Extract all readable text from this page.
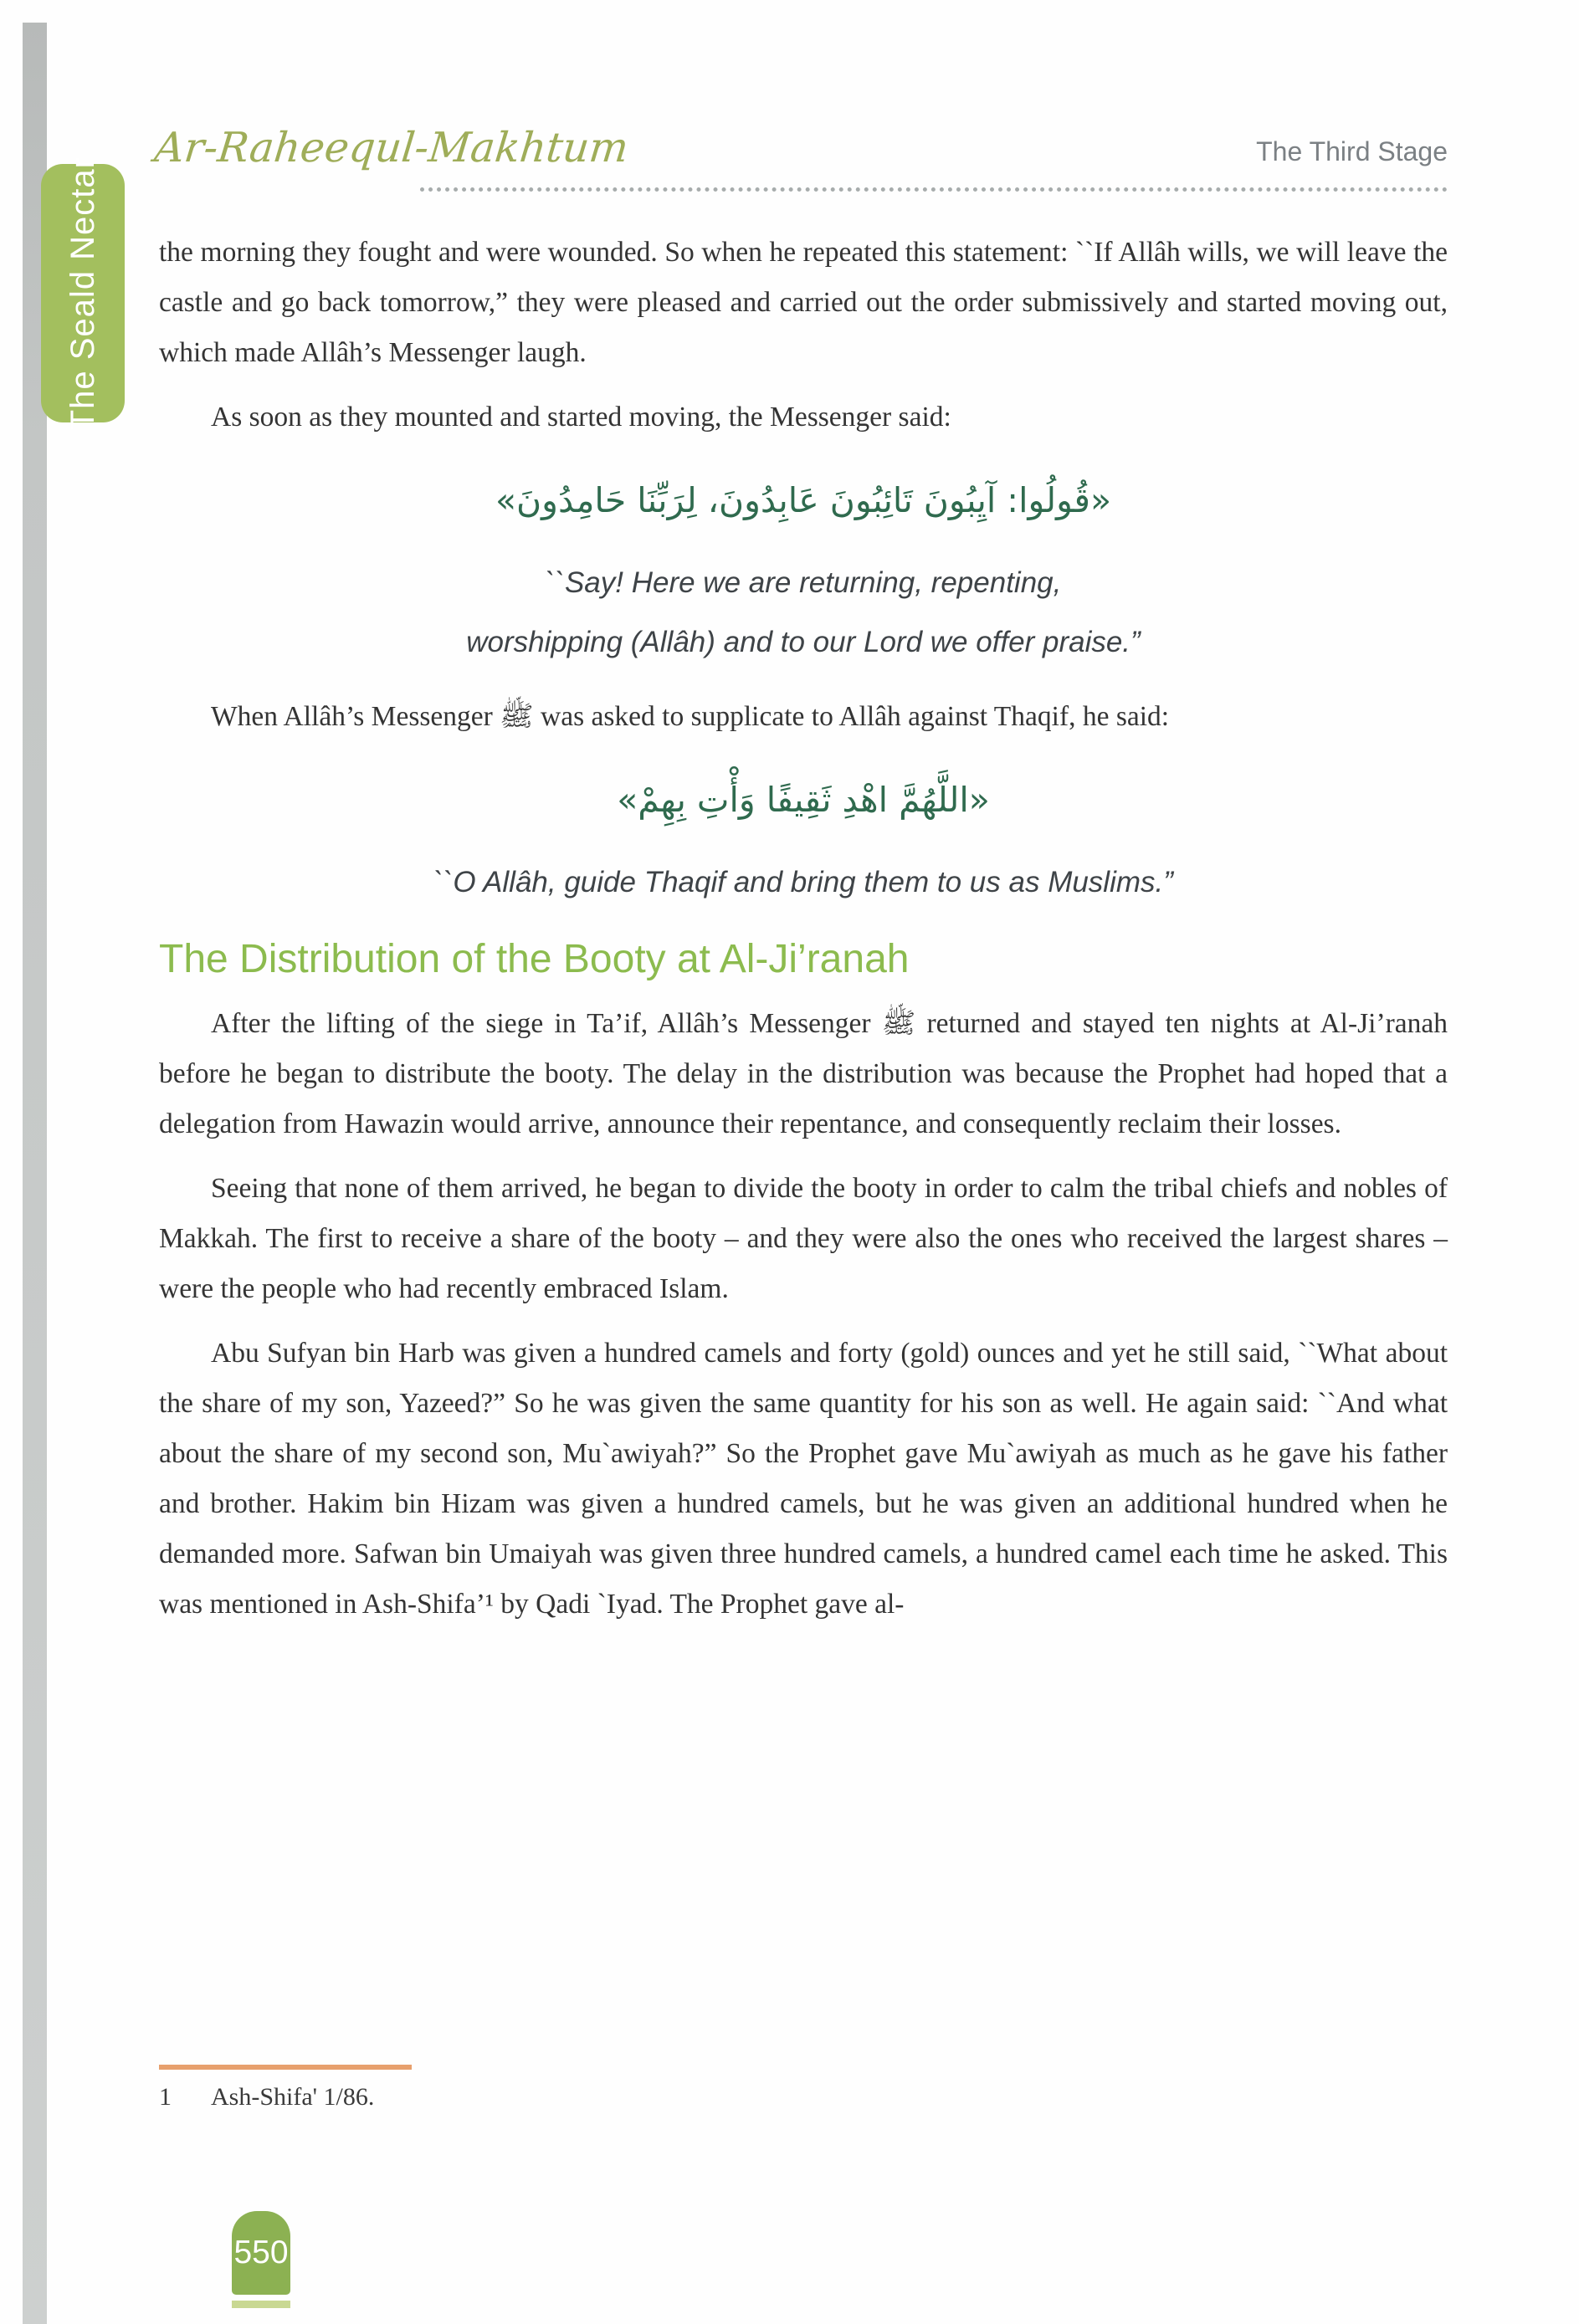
The Seald Nectar
Ar-Raheequl-Makhtum	The Third Stage

the morning they fought and were wounded. So when he repeated this statement: ``If Allâh wills, we will leave the castle and go back tomorrow,” they were pleased and carried out the order submissively and started moving out, which made Allâh’s Messenger laugh.

As soon as they mounted and started moving, the Messenger said:

«قُولُوا: آيِبُونَ تَائِبُونَ عَابِدُونَ، لِرَبِّنَا حَامِدُونَ»

``Say! Here we are returning, repenting,

worshipping (Allâh) and to our Lord we offer praise.”

When Allâh’s Messenger ﷺ was asked to supplicate to Allâh against Thaqif, he said:

«اللَّهُمَّ اهْدِ ثَقِيفًا وَأْتِ بِهِمْ»

``O Allâh, guide Thaqif and bring them to us as Muslims.”

The Distribution of the Booty at Al-Ji’ranah

After the lifting of the siege in Ta’if, Allâh’s Messenger ﷺ returned and stayed ten nights at Al-Ji’ranah before he began to distribute the booty. The delay in the distribution was because the Prophet had hoped that a delegation from Hawazin would arrive, announce their repentance, and consequently reclaim their losses.

Seeing that none of them arrived, he began to divide the booty in order to calm the tribal chiefs and nobles of Makkah. The first to receive a share of the booty – and they were also the ones who received the largest shares – were the people who had recently embraced Islam.

Abu Sufyan bin Harb was given a hundred camels and forty (gold) ounces and yet he still said, ``What about the share of my son, Yazeed?” So he was given the same quantity for his son as well. He again said: ``And what about the share of my second son, Mu`awiyah?” So the Prophet gave Mu`awiyah as much as he gave his father and brother. Hakim bin Hizam was given a hundred camels, but he was given an additional hundred when he demanded more. Safwan bin Umaiyah was given three hundred camels, a hundred camel each time he asked. This was mentioned in Ash-Shifa’¹ by Qadi `Iyad. The Prophet gave al-

1 Ash-Shifa' 1/86.
550
